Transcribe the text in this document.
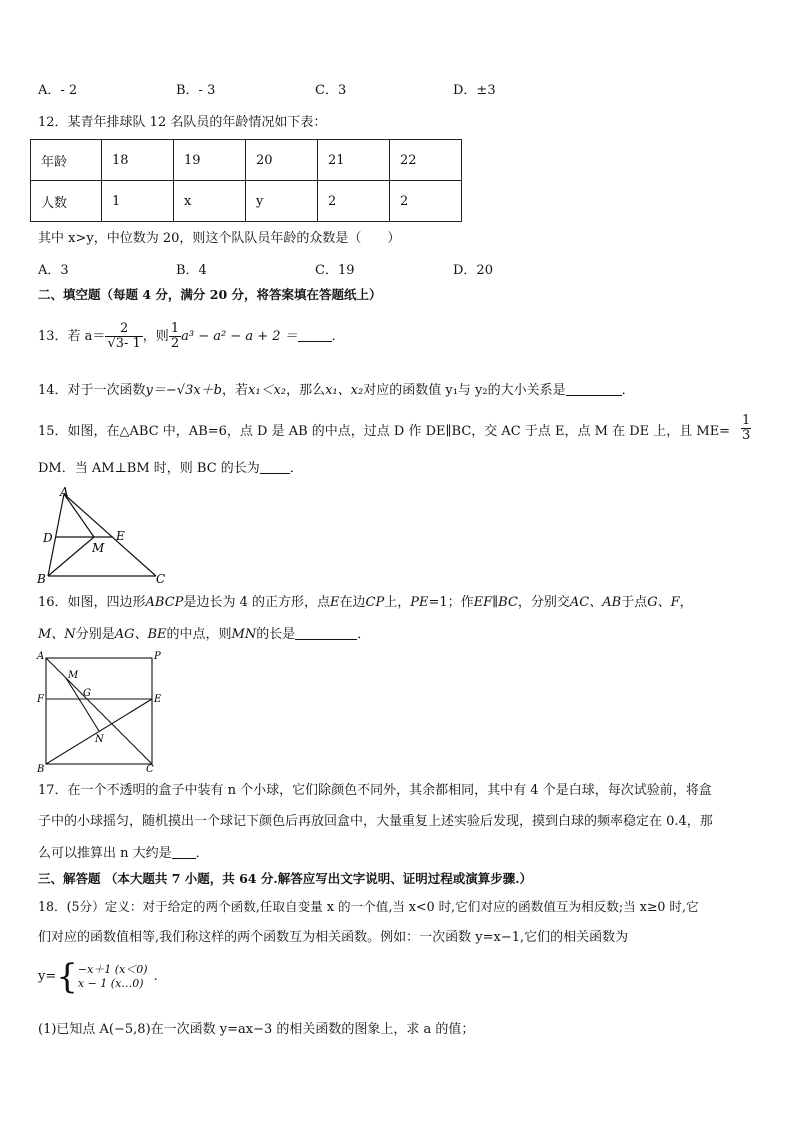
A．- 2	B．- 3	C．3	D．±3
12．某青年排球队 12 名队员的年龄情况如下表：
年龄	18	19	20	21	22
人数	1	x	y	2	2
其中 x>y，中位数为 20，则这个队队员年龄的众数是（　　）
A．3	B．4	C．19	D．20
二、填空题（每题 4 分，满分 20 分，将答案填在答题纸上）
13．若 $a= \frac{2}{√3- 1}$ ，则 $\frac{1}{2} a^3 - a^2 - a + 2$ ＝	．
14．对于一次函数y＝−√3x＋b，若x₁＜x₂，那么x₁、x₂对应的函数值 y₁与 y₂的大小关系是	．
15．如图，在△ABC 中，AB=6，点 D 是 AB 的中点，过点 D 作 DE∥BC，交 AC 于点 E，点 M 在 DE 上，且 $ME= \frac{1}{3}$
DM．当 AM⊥BM 时，则 BC 的长为 ．
A
D	E
M
B	C
16．如图，四边形ABCP是边长为 4 的正方形，点E在边CP上，PE=1；作EF∥BC，分别交AC、AB于点G、F，
M、N分别是AG、BE的中点，则MN的长是	．
A	P
M
F
G
E
N
B	C
17．在一个不透明的盒子中装有 n 个小球，它们除颜色不同外，其余都相同，其中有 4 个是白球，每次试验前，将盒
子中的小球摇匀，随机摸出一个球记下颜色后再放回盒中，大量重复上述实验后发现，摸到白球的频率稳定在 0.4，那
么可以推算出 n 大约是 ．
三、解答题 （本大题共 7 小题，共 64 分.解答应写出文字说明、证明过程或演算步骤.）
18．(5分）定义：对于给定的两个函数,任取自变量 x 的一个值,当 x<0 时,它们对应的函数值互为相反数;当 x≥0 时,它
们对应的函数值相等,我们称这样的两个函数互为相关函数。例如：一次函数 y=x−1,它们的相关函数为
y={ −x＋1 (x＜0)
x − 1 (x…0) .
(1)已知点 A(−5,8)在一次函数 y=ax−3 的相关函数的图象上，求 a 的值；
